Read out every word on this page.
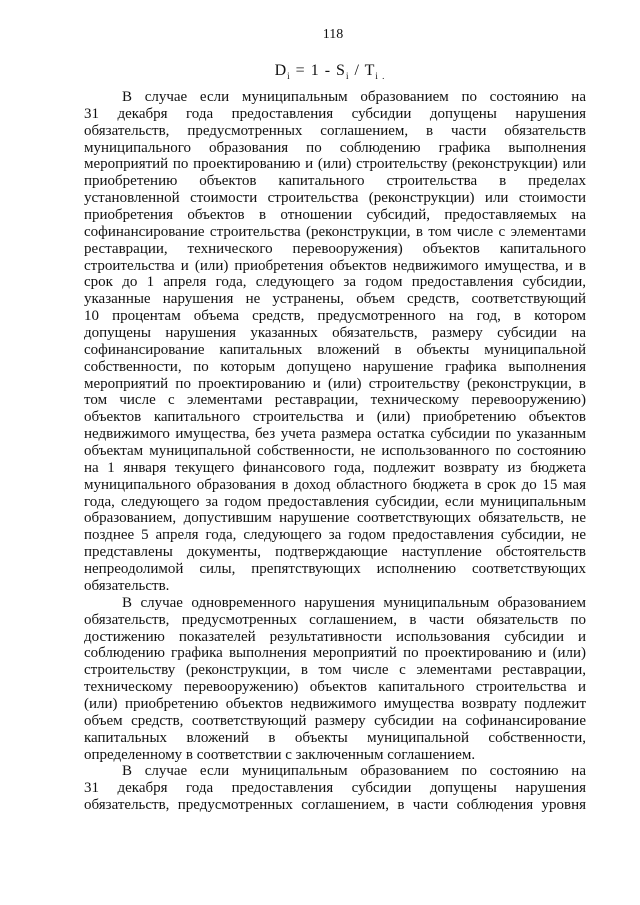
118
$D_i = 1 - S_i / T_i$ $_.$
В случае если муниципальным образованием по состоянию на
31 декабря года предоставления субсидии допущены нарушения
обязательств, предусмотренных соглашением, в части обязательств
муниципального образования по соблюдению графика выполнения
мероприятий по проектированию и (или) строительству (реконструкции) или
приобретению объектов капитального строительства в пределах
установленной стоимости строительства (реконструкции) или стоимости
приобретения объектов в отношении субсидий, предоставляемых на
софинансирование строительства (реконструкции, в том числе с элементами
реставрации, технического перевооружения) объектов капитального
строительства и (или) приобретения объектов недвижимого имущества, и в
срок до 1 апреля года, следующего за годом предоставления субсидии,
указанные нарушения не устранены, объем средств, соответствующий
10 процентам объема средств, предусмотренного на год, в котором
допущены нарушения указанных обязательств, размеру субсидии на
софинансирование капитальных вложений в объекты муниципальной
собственности, по которым допущено нарушение графика выполнения
мероприятий по проектированию и (или) строительству (реконструкции, в
том числе с элементами реставрации, техническому перевооружению)
объектов капитального строительства и (или) приобретению объектов
недвижимого имущества, без учета размера остатка субсидии по указанным
объектам муниципальной собственности, не использованного по состоянию
на 1 января текущего финансового года, подлежит возврату из бюджета
муниципального образования в доход областного бюджета в срок до 15 мая
года, следующего за годом предоставления субсидии, если муниципальным
образованием, допустившим нарушение соответствующих обязательств, не
позднее 5 апреля года, следующего за годом предоставления субсидии, не
представлены документы, подтверждающие наступление обстоятельств
непреодолимой силы, препятствующих исполнению соответствующих
обязательств.
В случае одновременного нарушения муниципальным образованием
обязательств, предусмотренных соглашением, в части обязательств по
достижению показателей результативности использования субсидии и
соблюдению графика выполнения мероприятий по проектированию и (или)
строительству (реконструкции, в том числе с элементами реставрации,
техническому перевооружению) объектов капитального строительства и
(или) приобретению объектов недвижимого имущества возврату подлежит
объем средств, соответствующий размеру субсидии на софинансирование
капитальных вложений в объекты муниципальной собственности,
определенному в соответствии с заключенным соглашением.
В случае если муниципальным образованием по состоянию на
31 декабря года предоставления субсидии допущены нарушения
обязательств, предусмотренных соглашением, в части соблюдения уровня
